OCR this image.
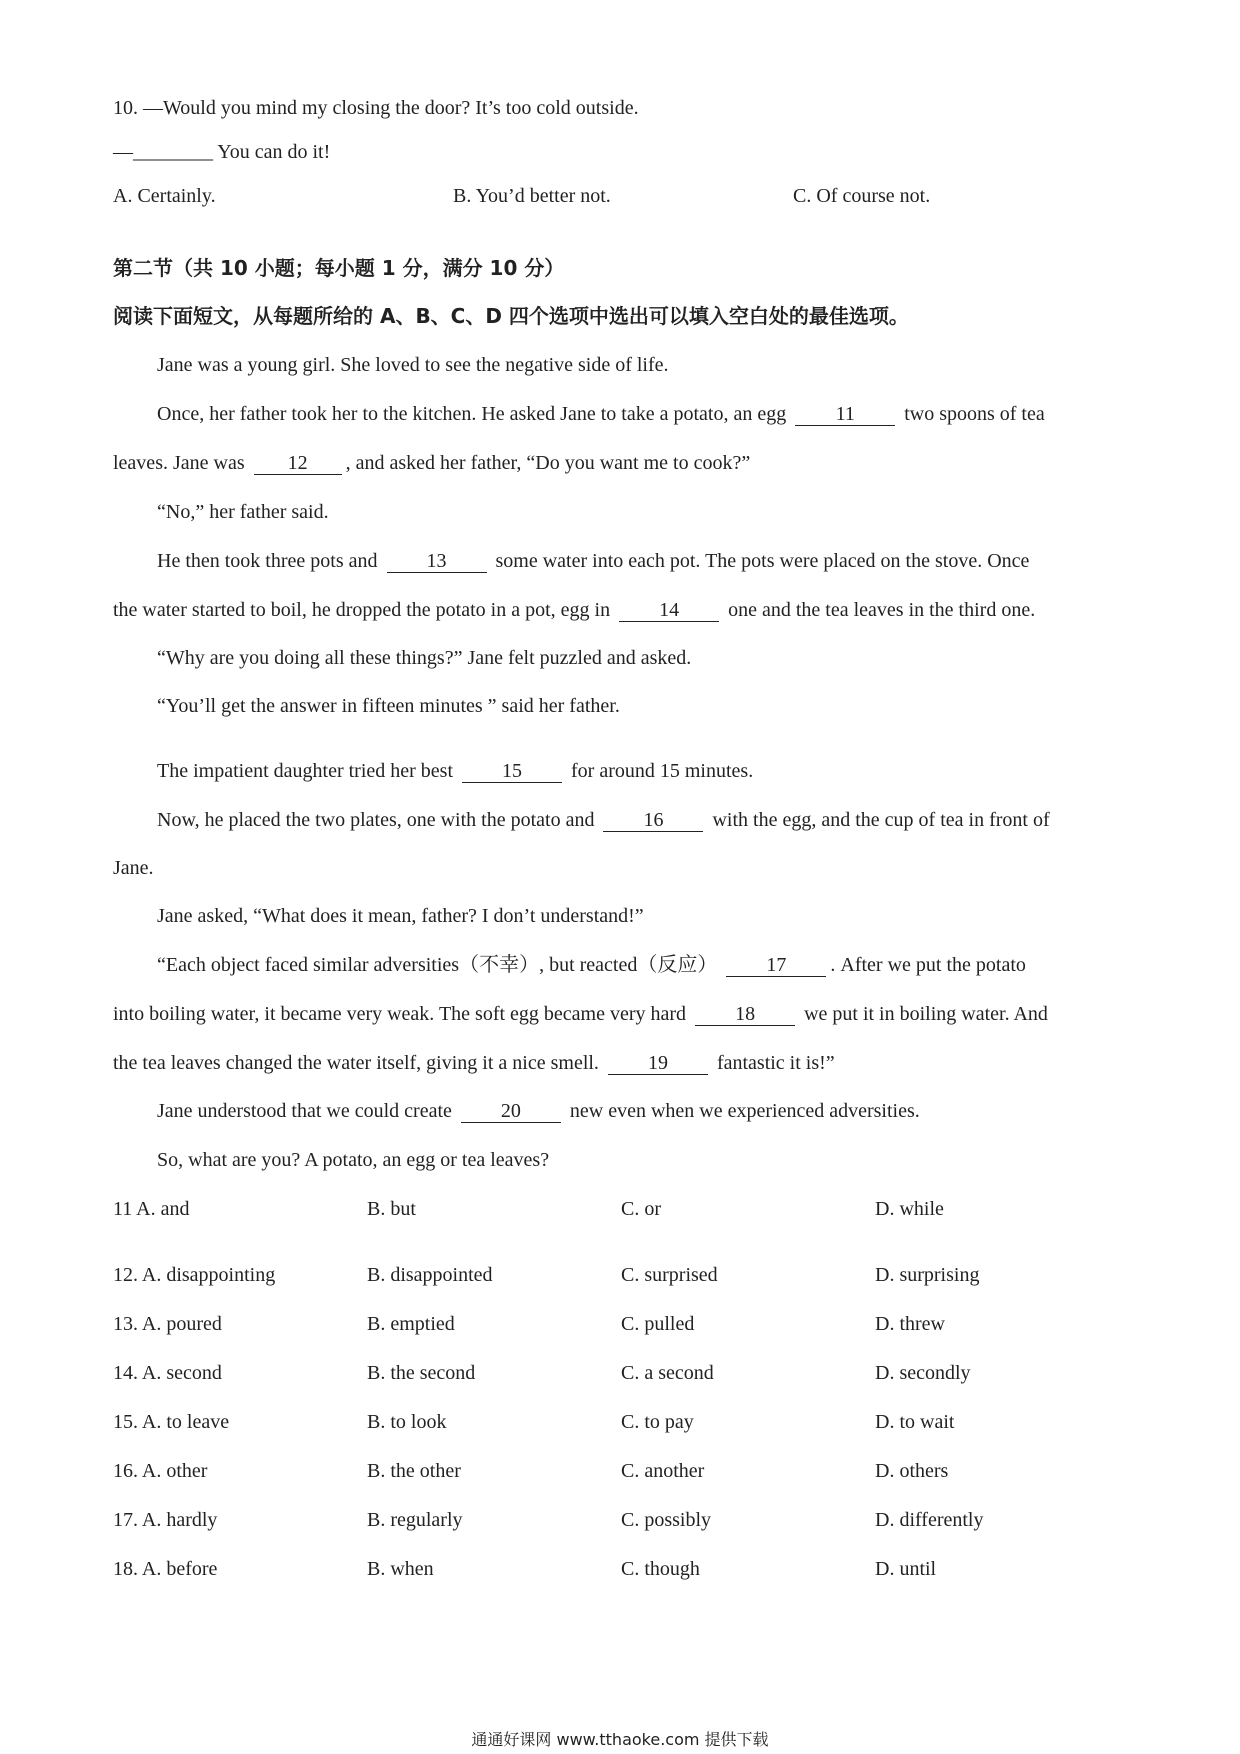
10. —Would you mind my closing the door? It’s too cold outside.
—________ You can do it!
A. Certainly.	B. You’d better not.	C. Of course not.
第二节（共 10 小题；每小题 1 分，满分 10 分）
阅读下面短文，从每题所给的 A、B、C、D 四个选项中选出可以填入空白处的最佳选项。
Jane was a young girl. She loved to see the negative side of life.
Once, her father took her to the kitchen. He asked Jane to take a potato, an egg 11 two spoons of tea
leaves. Jane was 12 , and asked her father, “Do you want me to cook?”
“No,” her father said.
He then took three pots and 13 some water into each pot. The pots were placed on the stove. Once
the water started to boil, he dropped the potato in a pot, egg in 14 one and the tea leaves in the third one.
“Why are you doing all these things?” Jane felt puzzled and asked.
“You’ll get the answer in fifteen minutes ” said her father.
The impatient daughter tried her best 15 for around 15 minutes.
Now, he placed the two plates, one with the potato and 16 with the egg, and the cup of tea in front of
Jane.
Jane asked, “What does it mean, father? I don’t understand!”
“Each object faced similar adversities（不幸）, but reacted（反应） 17 . After we put the potato
into boiling water, it became very weak. The soft egg became very hard 18 we put it in boiling water. And
the tea leaves changed the water itself, giving it a nice smell. 19 fantastic it is!”
Jane understood that we could create 20 new even when we experienced adversities.
So, what are you? A potato, an egg or tea leaves?
11 A. and	B. but	C. or	D. while
12. A. disappointing	B. disappointed	C. surprised	D. surprising
13. A. poured	B. emptied	C. pulled	D. threw
14. A. second	B. the second	C. a second	D. secondly
15. A. to leave	B. to look	C. to pay	D. to wait
16. A. other	B. the other	C. another	D. others
17. A. hardly	B. regularly	C. possibly	D. differently
18. A. before	B. when	C. though	D. until
通通好课网 www.tthaoke.com 提供下载
